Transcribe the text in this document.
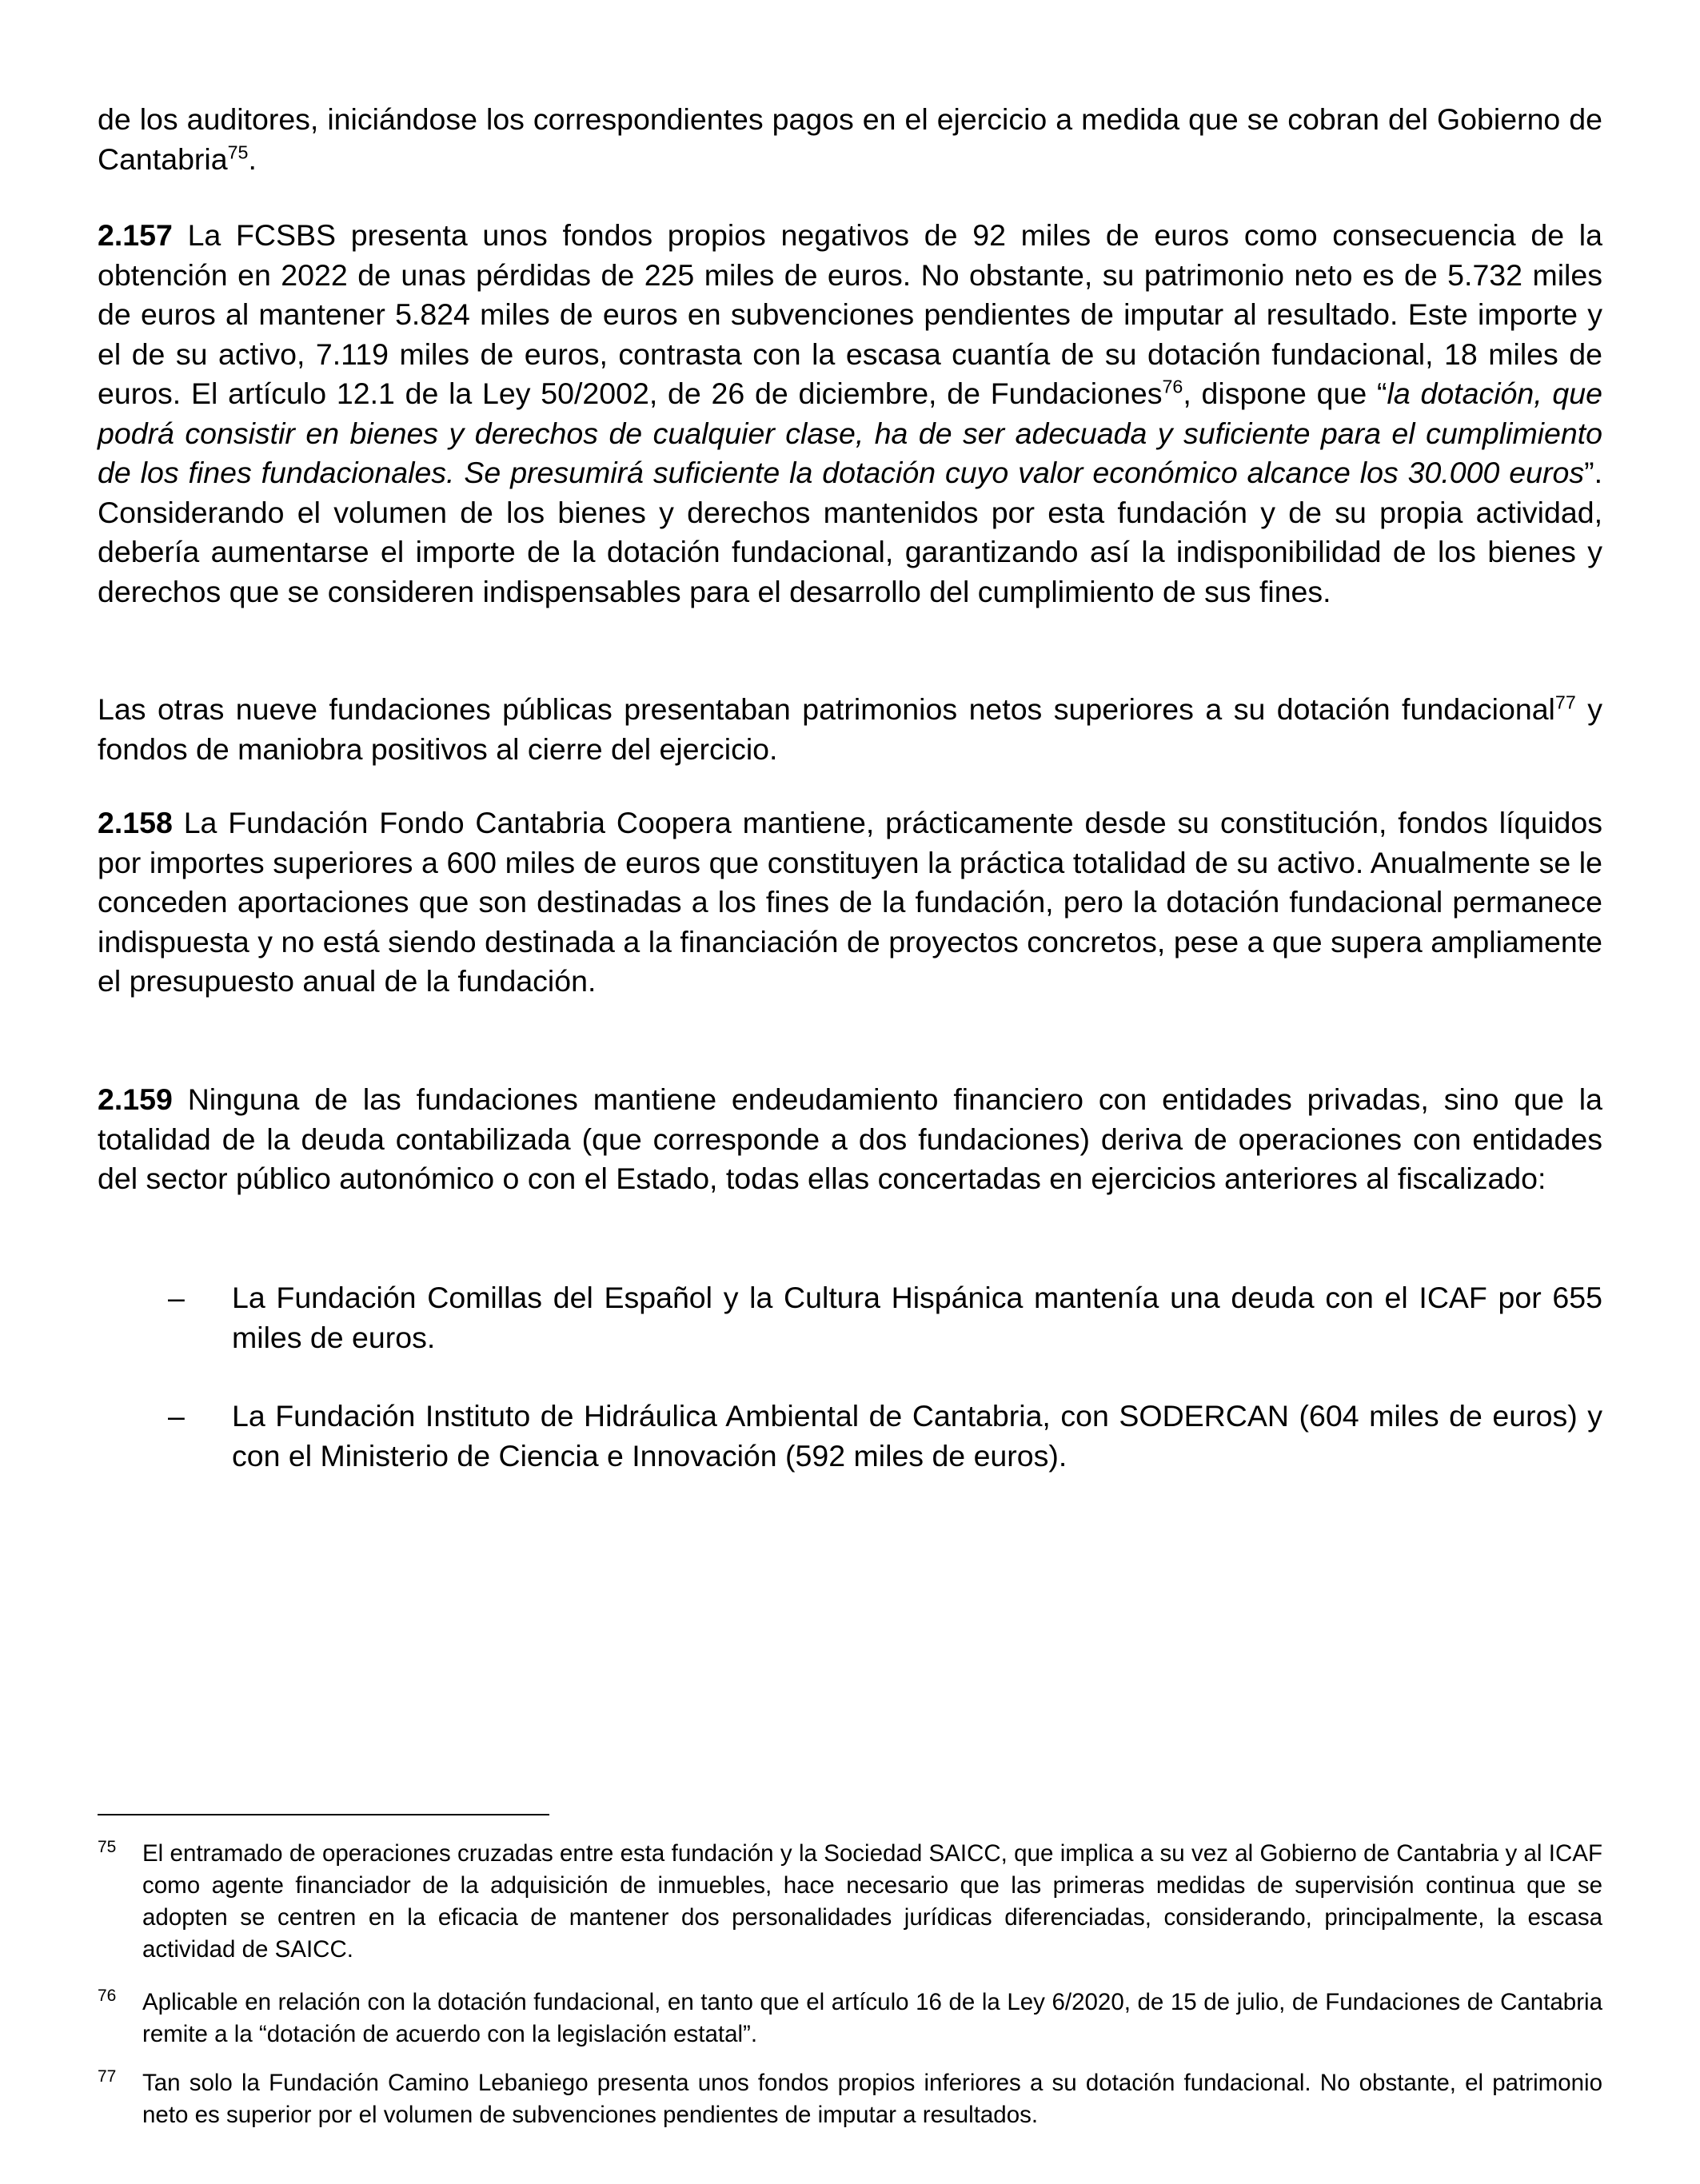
de los auditores, iniciándose los correspondientes pagos en el ejercicio a medida que se cobran del Gobierno de Cantabria$^{75}$.
2.157 La FCSBS presenta unos fondos propios negativos de 92 miles de euros como consecuencia de la obtención en 2022 de unas pérdidas de 225 miles de euros. No obstante, su patrimonio neto es de 5.732 miles de euros al mantener 5.824 miles de euros en subvenciones pendientes de imputar al resultado. Este importe y el de su activo, 7.119 miles de euros, contrasta con la escasa cuantía de su dotación fundacional, 18 miles de euros. El artículo 12.1 de la Ley 50/2002, de 26 de diciembre, de Fundaciones$^{76}$, dispone que “la dotación, que podrá consistir en bienes y derechos de cualquier clase, ha de ser adecuada y suficiente para el cumplimiento de los fines fundacionales. Se presumirá suficiente la dotación cuyo valor económico alcance los 30.000 euros”. Considerando el volumen de los bienes y derechos mantenidos por esta fundación y de su propia actividad, debería aumentarse el importe de la dotación fundacional, garantizando así la indisponibilidad de los bienes y derechos que se consideren indispensables para el desarrollo del cumplimiento de sus fines.
Las otras nueve fundaciones públicas presentaban patrimonios netos superiores a su dotación fundacional$^{77}$ y fondos de maniobra positivos al cierre del ejercicio.
2.158 La Fundación Fondo Cantabria Coopera mantiene, prácticamente desde su constitución, fondos líquidos por importes superiores a 600 miles de euros que constituyen la práctica totalidad de su activo. Anualmente se le conceden aportaciones que son destinadas a los fines de la fundación, pero la dotación fundacional permanece indispuesta y no está siendo destinada a la financiación de proyectos concretos, pese a que supera ampliamente el presupuesto anual de la fundación.
2.159 Ninguna de las fundaciones mantiene endeudamiento financiero con entidades privadas, sino que la totalidad de la deuda contabilizada (que corresponde a dos fundaciones) deriva de operaciones con entidades del sector público autonómico o con el Estado, todas ellas concertadas en ejercicios anteriores al fiscalizado:
– La Fundación Comillas del Español y la Cultura Hispánica mantenía una deuda con el ICAF por 655 miles de euros.
– La Fundación Instituto de Hidráulica Ambiental de Cantabria, con SODERCAN (604 miles de euros) y con el Ministerio de Ciencia e Innovación (592 miles de euros).
75 El entramado de operaciones cruzadas entre esta fundación y la Sociedad SAICC, que implica a su vez al Gobierno de Cantabria y al ICAF como agente financiador de la adquisición de inmuebles, hace necesario que las primeras medidas de supervisión continua que se adopten se centren en la eficacia de mantener dos personalidades jurídicas diferenciadas, considerando, principalmente, la escasa actividad de SAICC.
76 Aplicable en relación con la dotación fundacional, en tanto que el artículo 16 de la Ley 6/2020, de 15 de julio, de Fundaciones de Cantabria remite a la “dotación de acuerdo con la legislación estatal”.
77 Tan solo la Fundación Camino Lebaniego presenta unos fondos propios inferiores a su dotación fundacional. No obstante, el patrimonio neto es superior por el volumen de subvenciones pendientes de imputar a resultados.
